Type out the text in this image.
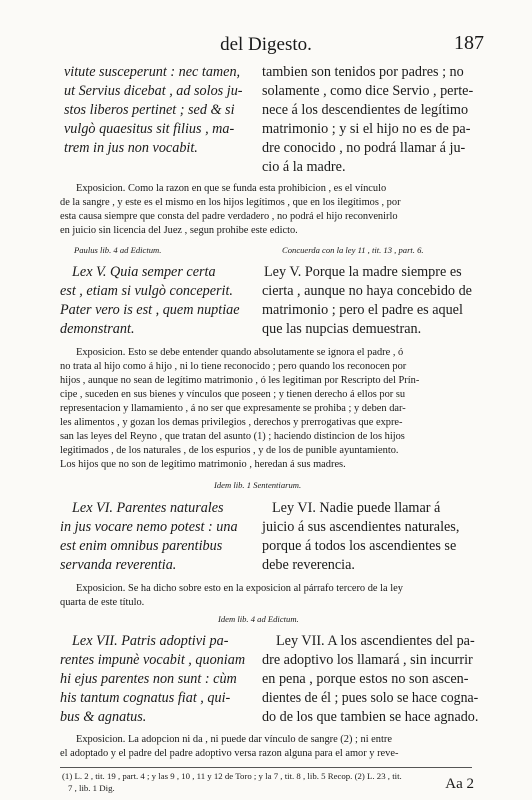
del Digesto.	187
vitute susceperunt : nec tamen,
ut Servius dicebat , ad solos ju-
stos liberos pertinet ; sed & si
vulgò quaesitus sit filius , ma-
trem in jus non vocabit.
tambien son tenidos por padres ; no
solamente , como dice Servio , perte-
nece á los descendientes de legítimo
matrimonio ; y si el hijo no es de pa-
dre conocido , no podrá llamar á ju-
cio á la madre.
Exposicion. Como la razon en que se funda esta prohibicion , es el vínculo
de la sangre , y este es el mismo en los hijos legítimos , que en los ilegítimos , por
esta causa siempre que consta del padre verdadero , no podrá el hijo reconvenirlo
en juicio sin licencia del Juez , segun prohibe este edicto.
Paulus lib. 4 ad Edictum.	Concuerda con la ley 11 , tit. 13 , part. 6.
Lex V. Quia semper certa
est , etiam si vulgò conceperit.
Pater vero is est , quem nuptiae
demonstrant.
Ley V. Porque la madre siempre es
cierta , aunque no haya concebido de
matrimonio ; pero el padre es aquel
que las nupcias demuestran.
Exposicion. Esto se debe entender quando absolutamente se ignora el padre , ó
no trata al hijo como á hijo , ni lo tiene reconocido ; pero quando los reconocen por
hijos , aunque no sean de legítimo matrimonio , ó les legitiman por Rescripto del Prín-
cipe , suceden en sus bienes y vínculos que poseen ; y tienen derecho á ellos por su
representacion y llamamiento , á no ser que expresamente se prohiba ; y deben dar-
les alimentos , y gozan los demas privilegios , derechos y prerrogativas que expre-
san las leyes del Reyno , que tratan del asunto (1) ; haciendo distincion de los hijos
legitimados , de los naturales , de los espurios , y de los de punible ayuntamiento.
Los hijos que no son de legítimo matrimonio , heredan á sus madres.
Idem lib. 1 Sententiarum.
Lex VI. Parentes naturales
in jus vocare nemo potest : una
est enim omnibus parentibus
servanda reverentia.
Ley VI. Nadie puede llamar á
juicio á sus ascendientes naturales,
porque á todos los ascendientes se
debe reverencia.
Exposicion. Se ha dicho sobre esto en la exposicion al párrafo tercero de la ley
quarta de este título.
Idem lib. 4 ad Edictum.
Lex VII. Patris adoptivi pa-
rentes impunè vocabit , quoniam
hi ejus parentes non sunt : cùm
his tantum cognatus fiat , qui-
bus & agnatus.
Ley VII. A los ascendientes del pa-
dre adoptivo los llamará , sin incurrir
en pena , porque estos no son ascen-
dientes de él ; pues solo se hace cogna-
do de los que tambien se hace agnado.
Exposicion. La adopcion ni da , ni puede dar vínculo de sangre (2) ; ni entre
el adoptado y el padre del padre adoptivo versa razon alguna para el amor y reve-
(1) L. 2 , tit. 19 , part. 4 ; y las 9 , 10 , 11 y 12 de Toro ; y la 7 , tit. 8 , lib. 5 Recop. (2) L. 23 , tit.
7 , lib. 1 Dig.	Aa 2
